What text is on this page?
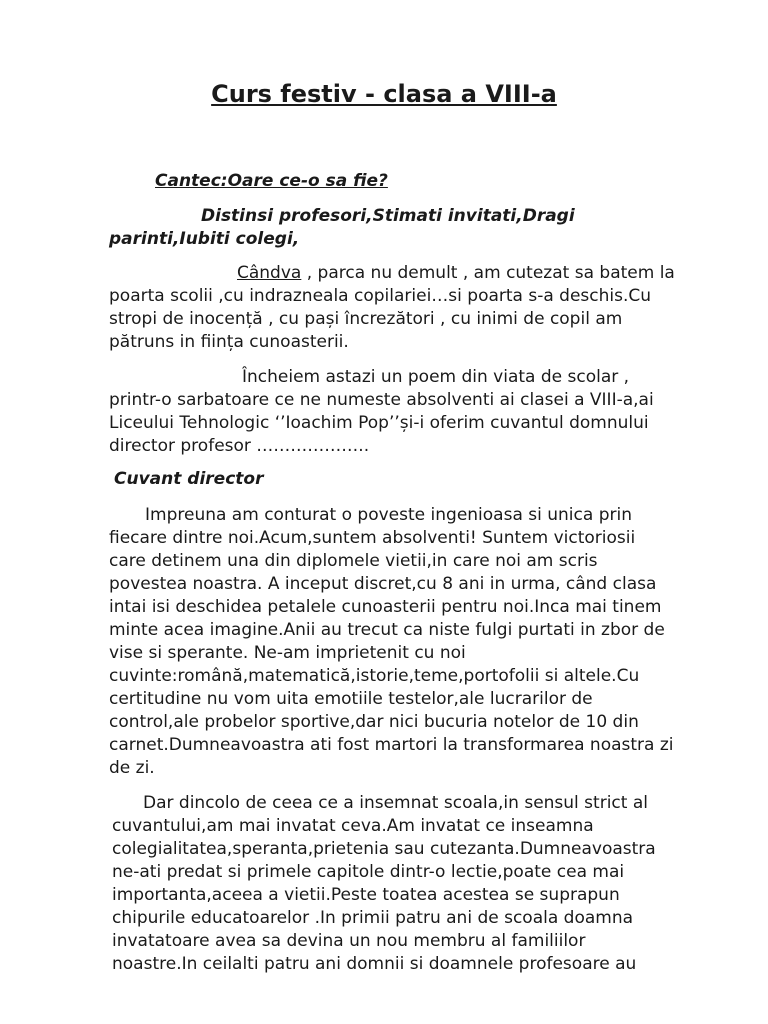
Curs festiv - clasa a VIII-a

Cantec:Oare ce-o sa fie?

Distinsi profesori,Stimati invitati,Dragi

parinti,Iubiti colegi,

Cândva , parca nu demult , am cutezat sa batem la

poarta scolii ,cu indrazneala copilariei…si poarta s-a deschis.Cu

stropi de inocență , cu pași încrezători , cu inimi de copil am

pătruns in ființa cunoasterii.

Încheiem astazi un poem din viata de scolar ,

printr-o sarbatoare ce ne numeste absolventi ai clasei a VIII-a,ai

Liceului Tehnologic ‘’Ioachim Pop’’și-i oferim cuvantul domnului

director profesor ………………..

Cuvant director

Impreuna am conturat o poveste ingenioasa si unica prin

fiecare dintre noi.Acum,suntem absolventi! Suntem victoriosii

care detinem una din diplomele vietii,in care noi am scris

povestea noastra. A inceput discret,cu 8 ani in urma, când clasa

intai isi deschidea petalele cunoasterii pentru noi.Inca mai tinem

minte acea imagine.Anii au trecut ca niste fulgi purtati in zbor de

vise si sperante. Ne-am imprietenit cu noi

cuvinte:română,matematică,istorie,teme,portofolii si altele.Cu

certitudine nu vom uita emotiile testelor,ale lucrarilor de

control,ale probelor sportive,dar nici bucuria notelor de 10 din

carnet.Dumneavoastra ati fost martori la transformarea noastra zi

de zi.

Dar dincolo de ceea ce a insemnat scoala,in sensul strict al

cuvantului,am mai invatat ceva.Am invatat ce inseamna

colegialitatea,speranta,prietenia sau cutezanta.Dumneavoastra

ne-ati predat si primele capitole dintr-o lectie,poate cea mai

importanta,aceea a vietii.Peste toatea acestea se suprapun

chipurile educatoarelor .In primii patru ani de scoala doamna

invatatoare avea sa devina un nou membru al familiilor

noastre.In ceilalti patru ani domnii si doamnele profesoare au
